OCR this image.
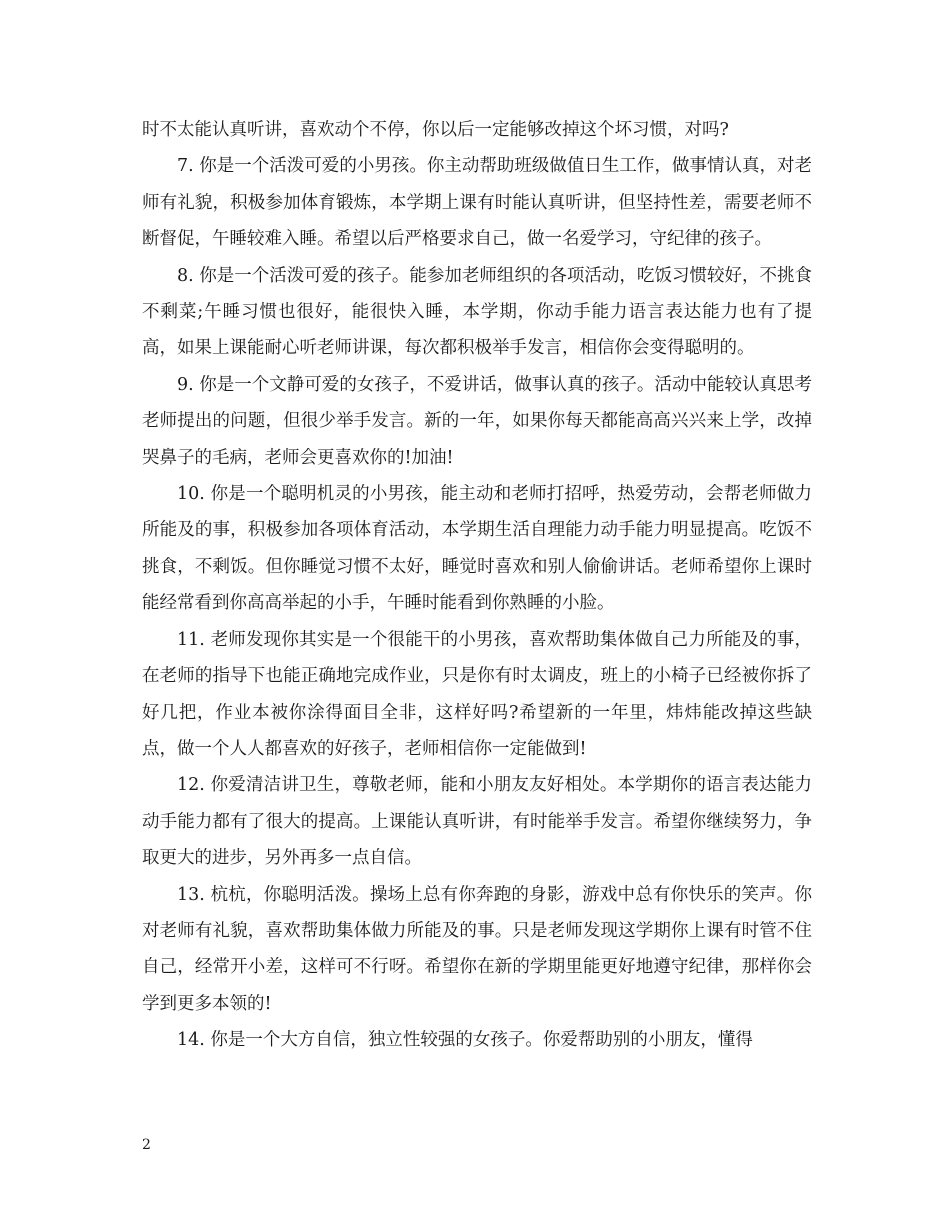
时不太能认真听讲，喜欢动个不停，你以后一定能够改掉这个坏习惯，对吗?

7. 你是一个活泼可爱的小男孩。你主动帮助班级做值日生工作，做事情认真，对老师有礼貌，积极参加体育锻炼，本学期上课有时能认真听讲，但坚持性差，需要老师不断督促，午睡较难入睡。希望以后严格要求自己，做一名爱学习，守纪律的孩子。

8. 你是一个活泼可爱的孩子。能参加老师组织的各项活动，吃饭习惯较好，不挑食不剩菜;午睡习惯也很好，能很快入睡，本学期，你动手能力语言表达能力也有了提高，如果上课能耐心听老师讲课，每次都积极举手发言，相信你会变得聪明的。

9. 你是一个文静可爱的女孩子，不爱讲话，做事认真的孩子。活动中能较认真思考老师提出的问题，但很少举手发言。新的一年，如果你每天都能高高兴兴来上学，改掉哭鼻子的毛病，老师会更喜欢你的!加油!

10. 你是一个聪明机灵的小男孩，能主动和老师打招呼，热爱劳动，会帮老师做力所能及的事，积极参加各项体育活动，本学期生活自理能力动手能力明显提高。吃饭不挑食，不剩饭。但你睡觉习惯不太好，睡觉时喜欢和别人偷偷讲话。老师希望你上课时能经常看到你高高举起的小手，午睡时能看到你熟睡的小脸。

11. 老师发现你其实是一个很能干的小男孩，喜欢帮助集体做自己力所能及的事，在老师的指导下也能正确地完成作业，只是你有时太调皮，班上的小椅子已经被你拆了好几把，作业本被你涂得面目全非，这样好吗?希望新的一年里，炜炜能改掉这些缺点，做一个人人都喜欢的好孩子，老师相信你一定能做到!

12. 你爱清洁讲卫生，尊敬老师，能和小朋友友好相处。本学期你的语言表达能力动手能力都有了很大的提高。上课能认真听讲，有时能举手发言。希望你继续努力，争取更大的进步，另外再多一点自信。

13. 杭杭，你聪明活泼。操场上总有你奔跑的身影，游戏中总有你快乐的笑声。你对老师有礼貌，喜欢帮助集体做力所能及的事。只是老师发现这学期你上课有时管不住自己，经常开小差，这样可不行呀。希望你在新的学期里能更好地遵守纪律，那样你会学到更多本领的!

14. 你是一个大方自信，独立性较强的女孩子。你爱帮助别的小朋友，懂得

2
